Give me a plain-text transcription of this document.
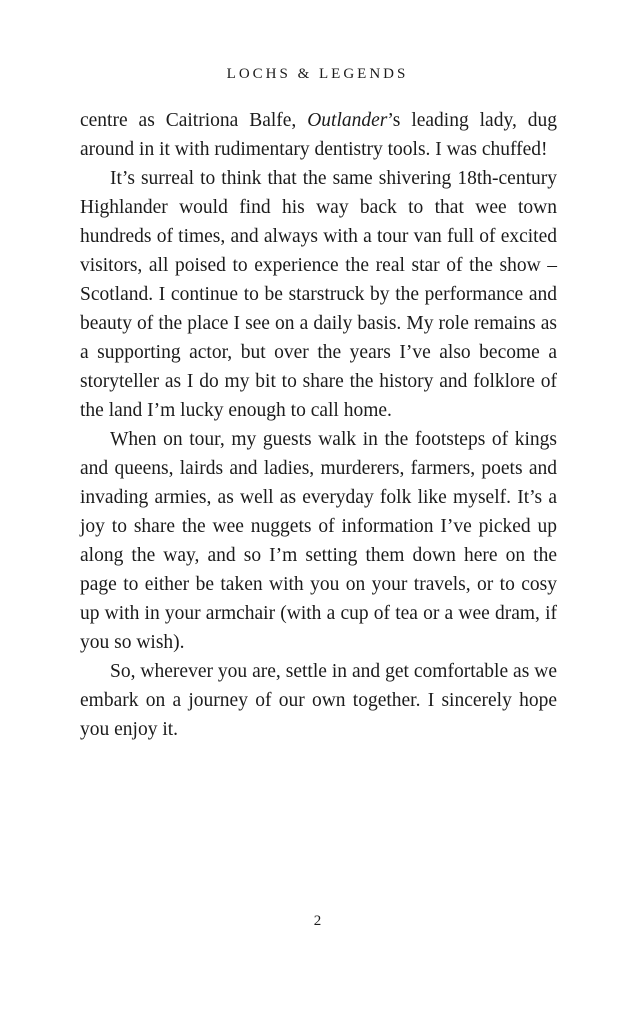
LOCHS & LEGENDS

centre as Caitriona Balfe, Outlander’s leading lady, dug around in it with rudimentary dentistry tools. I was chuffed!

It’s surreal to think that the same shivering 18th-century Highlander would find his way back to that wee town hundreds of times, and always with a tour van full of excited visitors, all poised to experience the real star of the show – Scotland. I continue to be starstruck by the performance and beauty of the place I see on a daily basis. My role remains as a supporting actor, but over the years I’ve also become a storyteller as I do my bit to share the history and folklore of the land I’m lucky enough to call home.

When on tour, my guests walk in the footsteps of kings and queens, lairds and ladies, murderers, farmers, poets and invading armies, as well as everyday folk like myself. It’s a joy to share the wee nuggets of information I’ve picked up along the way, and so I’m setting them down here on the page to either be taken with you on your travels, or to cosy up with in your armchair (with a cup of tea or a wee dram, if you so wish).

So, wherever you are, settle in and get comfortable as we embark on a journey of our own together. I sincerely hope you enjoy it.

2
